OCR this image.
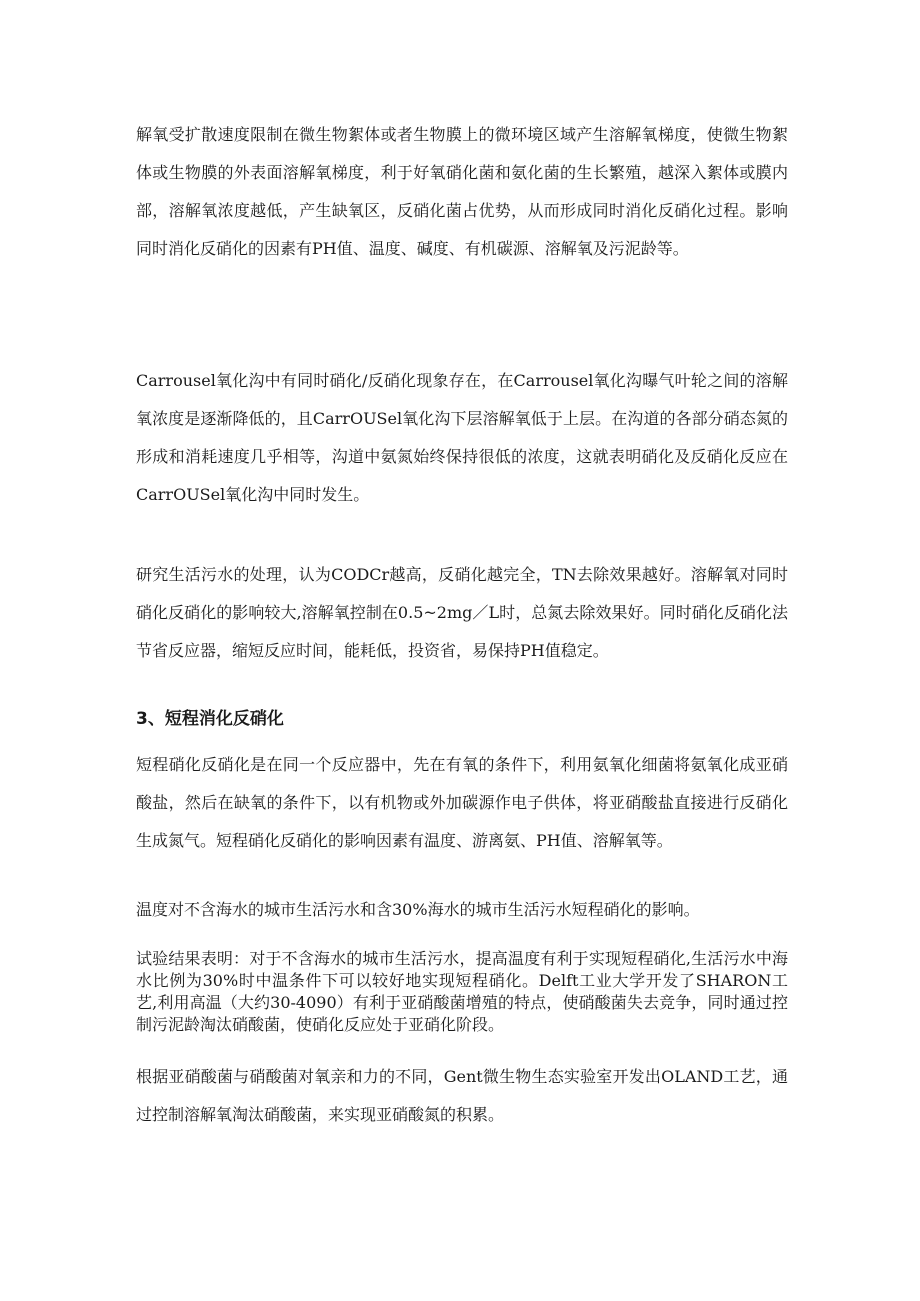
解氧受扩散速度限制在微生物絮体或者生物膜上的微环境区域产生溶解氧梯度，使微生物絮体或生物膜的外表面溶解氧梯度，利于好氧硝化菌和氨化菌的生长繁殖，越深入絮体或膜内部，溶解氧浓度越低，产生缺氧区，反硝化菌占优势，从而形成同时消化反硝化过程。影响同时消化反硝化的因素有PH值、温度、碱度、有机碳源、溶解氧及污泥龄等。

Carrousel氧化沟中有同时硝化/反硝化现象存在，在Carrousel氧化沟曝气叶轮之间的溶解氧浓度是逐渐降低的，且CarrOUSel氧化沟下层溶解氧低于上层。在沟道的各部分硝态氮的形成和消耗速度几乎相等，沟道中氨氮始终保持很低的浓度，这就表明硝化及反硝化反应在CarrOUSel氧化沟中同时发生。

研究生活污水的处理，认为CODCr越高，反硝化越完全，TN去除效果越好。溶解氧对同时硝化反硝化的影响较大,溶解氧控制在0.5~2mg／L时，总氮去除效果好。同时硝化反硝化法节省反应器，缩短反应时间，能耗低，投资省，易保持PH值稳定。

3、短程消化反硝化

短程硝化反硝化是在同一个反应器中，先在有氧的条件下，利用氨氧化细菌将氨氧化成亚硝酸盐，然后在缺氧的条件下，以有机物或外加碳源作电子供体，将亚硝酸盐直接进行反硝化生成氮气。短程硝化反硝化的影响因素有温度、游离氨、PH值、溶解氧等。

温度对不含海水的城市生活污水和含30%海水的城市生活污水短程硝化的影响。

试验结果表明：对于不含海水的城市生活污水，提高温度有利于实现短程硝化,生活污水中海水比例为30%时中温条件下可以较好地实现短程硝化。Delft工业大学开发了SHARON工艺,利用高温（大约30-4090）有利于亚硝酸菌增殖的特点，使硝酸菌失去竞争，同时通过控制污泥龄淘汰硝酸菌，使硝化反应处于亚硝化阶段。

根据亚硝酸菌与硝酸菌对氧亲和力的不同，Gent微生物生态实验室开发出OLAND工艺，通过控制溶解氧淘汰硝酸菌，来实现亚硝酸氮的积累。
